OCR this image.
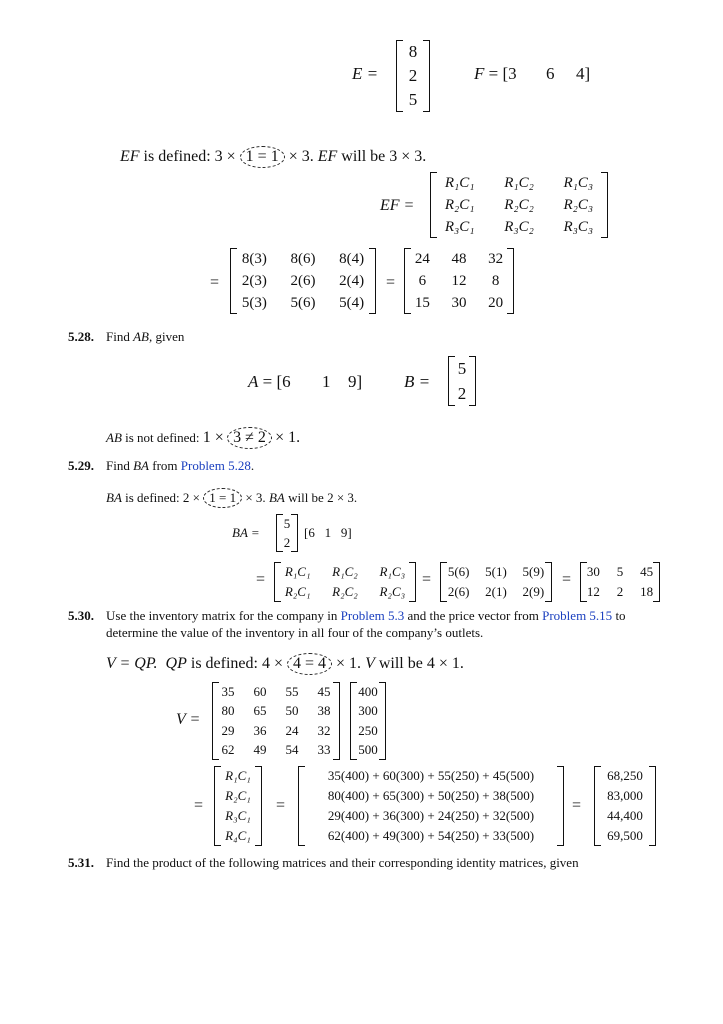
E =
8
2
5
F = [3 6 4]
EF is defined: 3 × 1 = 1 × 3. EF will be 3 × 3.
EF =
R₁C₁	R₁C₂	R₁C₃
R₂C₁	R₂C₂	R₂C₃
R₃C₁	R₃C₂	R₃C₃
=
8(3)	8(6)	8(4)
2(3)	2(6)	2(4)
5(3)	5(6)	5(4)
=
24	48	32
6	12	8
15	30	20
5.28. Find AB, given
A = [6 1 9] B =
5
2
AB is not defined: 1 × 3 ≠ 2 × 1.
5.29. Find BA from Problem 5.28.
BA is defined: 2 × 1 = 1 × 3. BA will be 2 × 3.
BA =
5
2
[6   1   9]
=	R₁C₁	R₁C₂	R₁C₃
R₂C₁	R₂C₂	R₂C₃
=	5(6)	5(1)	5(9)
2(6)	2(1)	2(9)
=	30	5	45
12	2	18
5.30. Use the inventory matrix for the company in Problem 5.3 and the price vector from Problem 5.15 to
determine the value of the inventory in all four of the company’s outlets.
V = QP. QP is defined: 4 × 4 = 4 × 1. V will be 4 × 1.
V =
35	60	55	45
80	65	50	38
29	36	24	32
62	49	54	33
400
300
250
500
=
R₁C₁
R₂C₁
R₃C₁
R₄C₁
=
35(400) + 60(300) + 55(250) + 45(500)
80(400) + 65(300) + 50(250) + 38(500)
29(400) + 36(300) + 24(250) + 32(500)
62(400) + 49(300) + 54(250) + 33(500)
=
68,250
83,000
44,400
69,500
5.31. Find the product of the following matrices and their corresponding identity matrices, given
